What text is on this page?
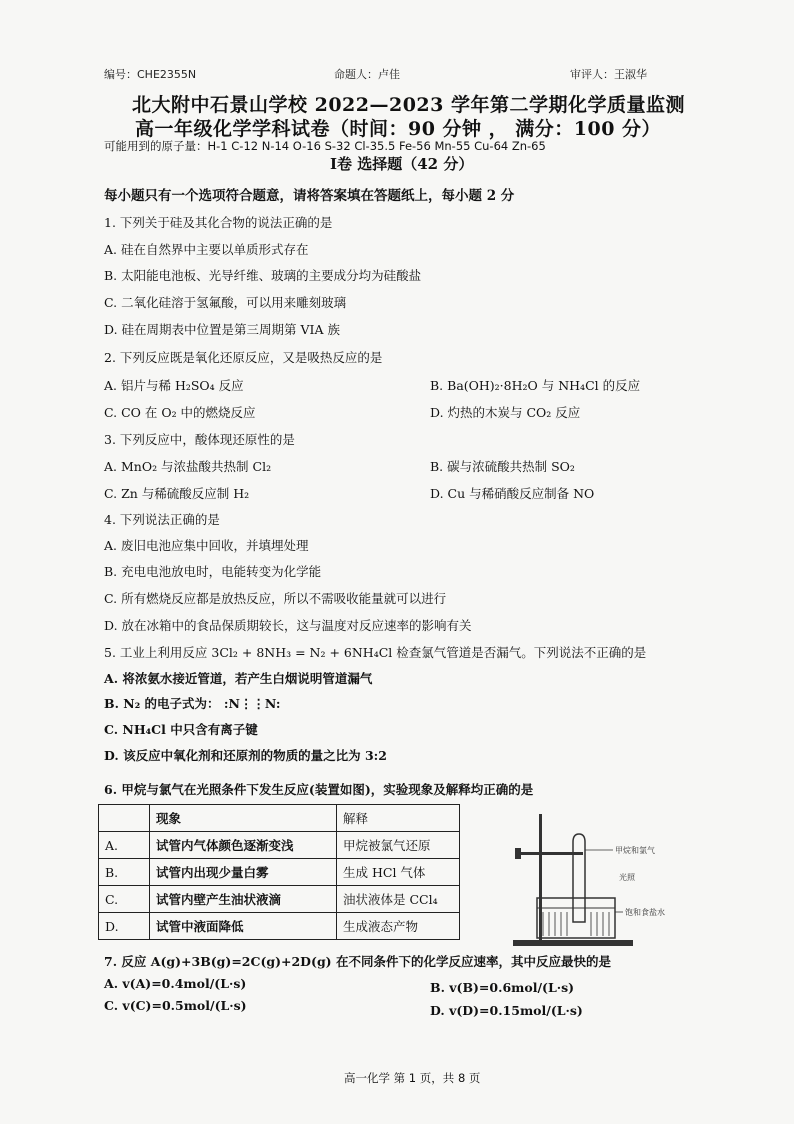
编号：CHE2355N	命题人：卢佳	审评人：王淑华
北大附中石景山学校 2022—2023 学年第二学期化学质量监测
高一年级化学学科试卷（时间：90 分钟 ， 满分：100 分）
可能用到的原子量：H-1 C-12 N-14 O-16 S-32 Cl-35.5 Fe-56 Mn-55 Cu-64 Zn-65
I卷 选择题（42 分）
每小题只有一个选项符合题意，请将答案填在答题纸上，每小题 2 分
1. 下列关于硅及其化合物的说法正确的是
A. 硅在自然界中主要以单质形式存在
B. 太阳能电池板、光导纤维、玻璃的主要成分均为硅酸盐
C. 二氧化硅溶于氢氟酸，可以用来雕刻玻璃
D. 硅在周期表中位置是第三周期第 VIA 族
2. 下列反应既是氧化还原反应，又是吸热反应的是
A. 铝片与稀 H₂SO₄ 反应	B. Ba(OH)₂·8H₂O 与 NH₄Cl 的反应
C. CO 在 O₂ 中的燃烧反应	D. 灼热的木炭与 CO₂ 反应
3. 下列反应中，酸体现还原性的是
A. MnO₂ 与浓盐酸共热制 Cl₂	B. 碳与浓硫酸共热制 SO₂
C. Zn 与稀硫酸反应制 H₂	D. Cu 与稀硝酸反应制备 NO
4. 下列说法正确的是
A. 废旧电池应集中回收，并填埋处理
B. 充电电池放电时，电能转变为化学能
C. 所有燃烧反应都是放热反应，所以不需吸收能量就可以进行
D. 放在冰箱中的食品保质期较长，这与温度对反应速率的影响有关
5. 工业上利用反应 3Cl₂ + 8NH₃ = N₂ + 6NH₄Cl 检查氯气管道是否漏气。下列说法不正确的是
A. 将浓氨水接近管道，若产生白烟说明管道漏气
B. N₂ 的电子式为： :N⋮⋮N:
C. NH₄Cl 中只含有离子键
D. 该反应中氧化剂和还原剂的物质的量之比为 3:2
6. 甲烷与氯气在光照条件下发生反应(装置如图)，实验现象及解释均正确的是
	现象	解释
A.	试管内气体颜色逐渐变浅	甲烷被氯气还原
B.	试管内出现少量白雾	生成 HCl 气体
C.	试管内壁产生油状液滴	油状液体是 CCl₄
D.	试管中液面降低	生成液态产物
甲烷和氯气
光照
饱和食盐水
7. 反应 A(g)+3B(g)=2C(g)+2D(g) 在不同条件下的化学反应速率，其中反应最快的是
A. v(A)=0.4mol/(L·s)	B. v(B)=0.6mol/(L·s)
C. v(C)=0.5mol/(L·s)	D. v(D)=0.15mol/(L·s)
高一化学 第 1 页，共 8 页
